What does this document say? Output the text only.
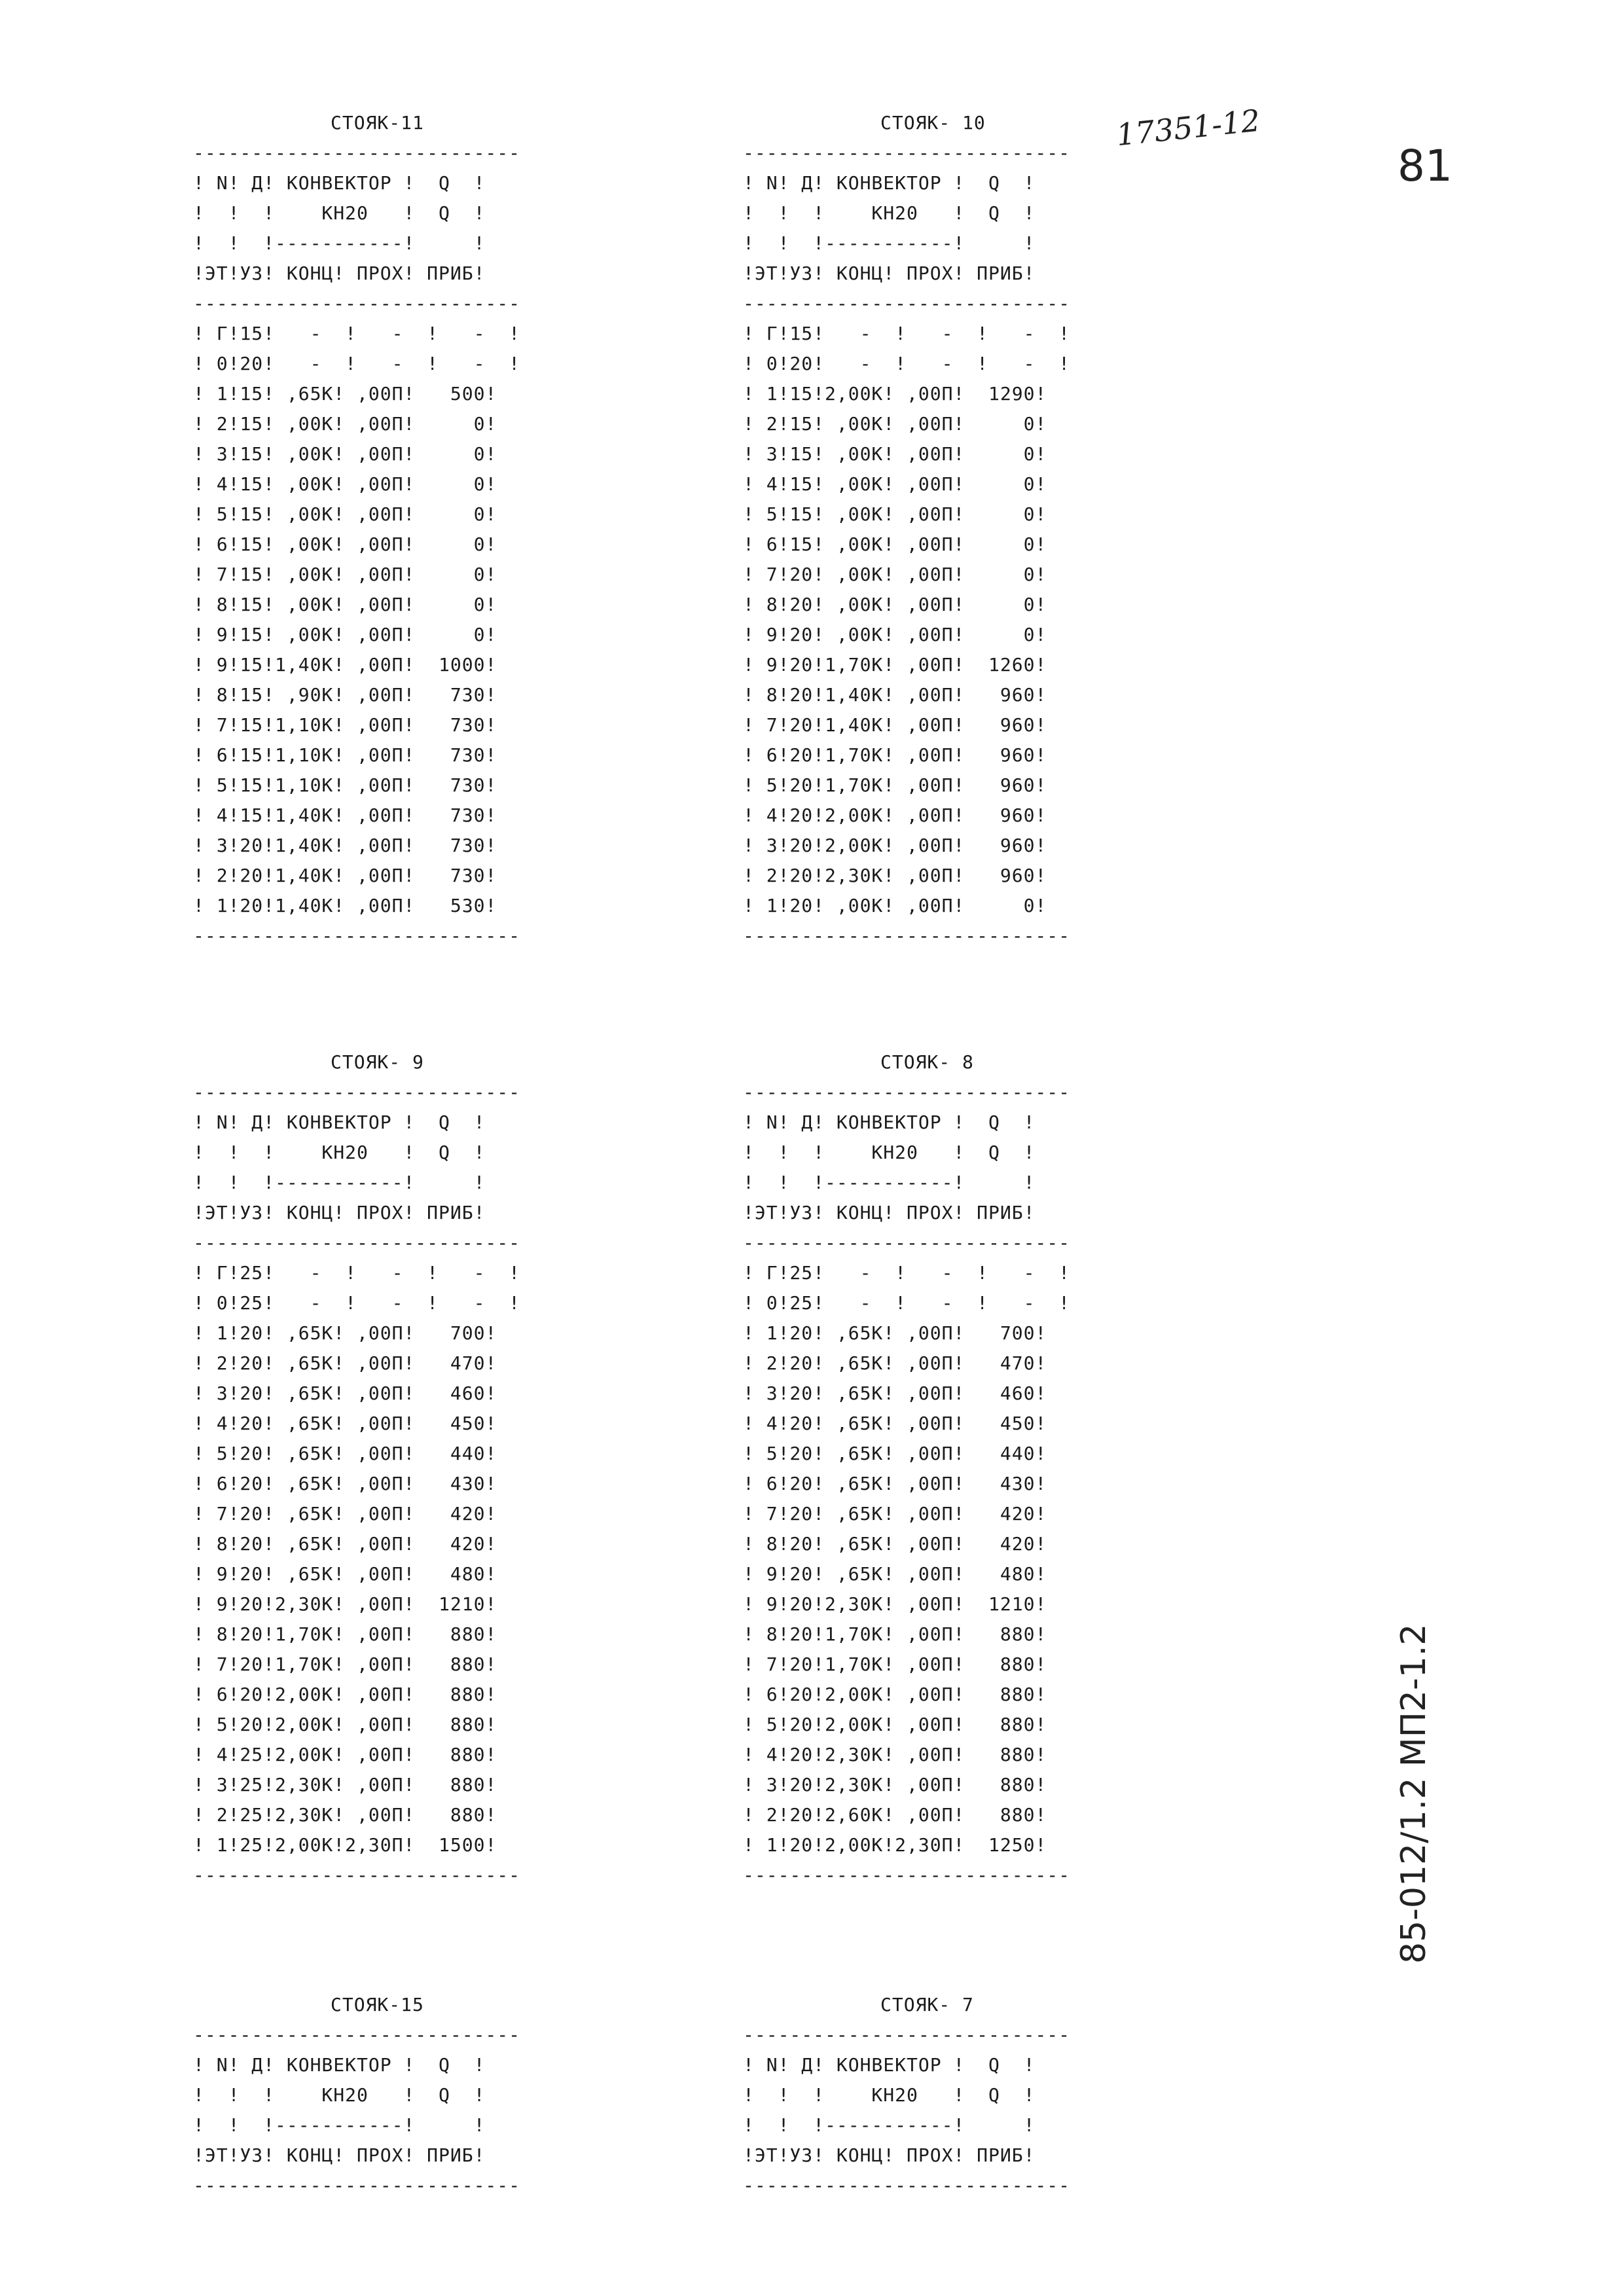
17351-12
81
85-012/1.2 МП2-1.2
СТОЯК-11
----------------------------
! N! Д! КОНВЕКТОР !  Q  !
!  !  !    КН20   !  Q  !
!  !  !-----------!     !
!ЭТ!УЗ! КОНЦ! ПРОХ! ПРИБ!
----------------------------
! Г!15!   -  !   -  !   -  !
! 0!20!   -  !   -  !   -  !
! 1!15! ,65К! ,00П!   500!
! 2!15! ,00К! ,00П!     0!
! 3!15! ,00К! ,00П!     0!
! 4!15! ,00К! ,00П!     0!
! 5!15! ,00К! ,00П!     0!
! 6!15! ,00К! ,00П!     0!
! 7!15! ,00К! ,00П!     0!
! 8!15! ,00К! ,00П!     0!
! 9!15! ,00К! ,00П!     0!
! 9!15!1,40К! ,00П!  1000!
! 8!15! ,90К! ,00П!   730!
! 7!15!1,10К! ,00П!   730!
! 6!15!1,10К! ,00П!   730!
! 5!15!1,10К! ,00П!   730!
! 4!15!1,40К! ,00П!   730!
! 3!20!1,40К! ,00П!   730!
! 2!20!1,40К! ,00П!   730!
! 1!20!1,40К! ,00П!   530!
----------------------------
СТОЯК- 10
----------------------------
! N! Д! КОНВЕКТОР !  Q  !
!  !  !    КН20   !  Q  !
!  !  !-----------!     !
!ЭТ!УЗ! КОНЦ! ПРОХ! ПРИБ!
----------------------------
! Г!15!   -  !   -  !   -  !
! 0!20!   -  !   -  !   -  !
! 1!15!2,00К! ,00П!  1290!
! 2!15! ,00К! ,00П!     0!
! 3!15! ,00К! ,00П!     0!
! 4!15! ,00К! ,00П!     0!
! 5!15! ,00К! ,00П!     0!
! 6!15! ,00К! ,00П!     0!
! 7!20! ,00К! ,00П!     0!
! 8!20! ,00К! ,00П!     0!
! 9!20! ,00К! ,00П!     0!
! 9!20!1,70К! ,00П!  1260!
! 8!20!1,40К! ,00П!   960!
! 7!20!1,40К! ,00П!   960!
! 6!20!1,70К! ,00П!   960!
! 5!20!1,70К! ,00П!   960!
! 4!20!2,00К! ,00П!   960!
! 3!20!2,00К! ,00П!   960!
! 2!20!2,30К! ,00П!   960!
! 1!20! ,00К! ,00П!     0!
----------------------------
СТОЯК- 9
----------------------------
! N! Д! КОНВЕКТОР !  Q  !
!  !  !    КН20   !  Q  !
!  !  !-----------!     !
!ЭТ!УЗ! КОНЦ! ПРОХ! ПРИБ!
----------------------------
! Г!25!   -  !   -  !   -  !
! 0!25!   -  !   -  !   -  !
! 1!20! ,65К! ,00П!   700!
! 2!20! ,65К! ,00П!   470!
! 3!20! ,65К! ,00П!   460!
! 4!20! ,65К! ,00П!   450!
! 5!20! ,65К! ,00П!   440!
! 6!20! ,65К! ,00П!   430!
! 7!20! ,65К! ,00П!   420!
! 8!20! ,65К! ,00П!   420!
! 9!20! ,65К! ,00П!   480!
! 9!20!2,30К! ,00П!  1210!
! 8!20!1,70К! ,00П!   880!
! 7!20!1,70К! ,00П!   880!
! 6!20!2,00К! ,00П!   880!
! 5!20!2,00К! ,00П!   880!
! 4!25!2,00К! ,00П!   880!
! 3!25!2,30К! ,00П!   880!
! 2!25!2,30К! ,00П!   880!
! 1!25!2,00К!2,30П!  1500!
----------------------------
СТОЯК- 8
----------------------------
! N! Д! КОНВЕКТОР !  Q  !
!  !  !    КН20   !  Q  !
!  !  !-----------!     !
!ЭТ!УЗ! КОНЦ! ПРОХ! ПРИБ!
----------------------------
! Г!25!   -  !   -  !   -  !
! 0!25!   -  !   -  !   -  !
! 1!20! ,65К! ,00П!   700!
! 2!20! ,65К! ,00П!   470!
! 3!20! ,65К! ,00П!   460!
! 4!20! ,65К! ,00П!   450!
! 5!20! ,65К! ,00П!   440!
! 6!20! ,65К! ,00П!   430!
! 7!20! ,65К! ,00П!   420!
! 8!20! ,65К! ,00П!   420!
! 9!20! ,65К! ,00П!   480!
! 9!20!2,30К! ,00П!  1210!
! 8!20!1,70К! ,00П!   880!
! 7!20!1,70К! ,00П!   880!
! 6!20!2,00К! ,00П!   880!
! 5!20!2,00К! ,00П!   880!
! 4!20!2,30К! ,00П!   880!
! 3!20!2,30К! ,00П!   880!
! 2!20!2,60К! ,00П!   880!
! 1!20!2,00К!2,30П!  1250!
----------------------------
СТОЯК-15
----------------------------
! N! Д! КОНВЕКТОР !  Q  !
!  !  !    КН20   !  Q  !
!  !  !-----------!     !
!ЭТ!УЗ! КОНЦ! ПРОХ! ПРИБ!
----------------------------
СТОЯК- 7
----------------------------
! N! Д! КОНВЕКТОР !  Q  !
!  !  !    КН20   !  Q  !
!  !  !-----------!     !
!ЭТ!УЗ! КОНЦ! ПРОХ! ПРИБ!
----------------------------
